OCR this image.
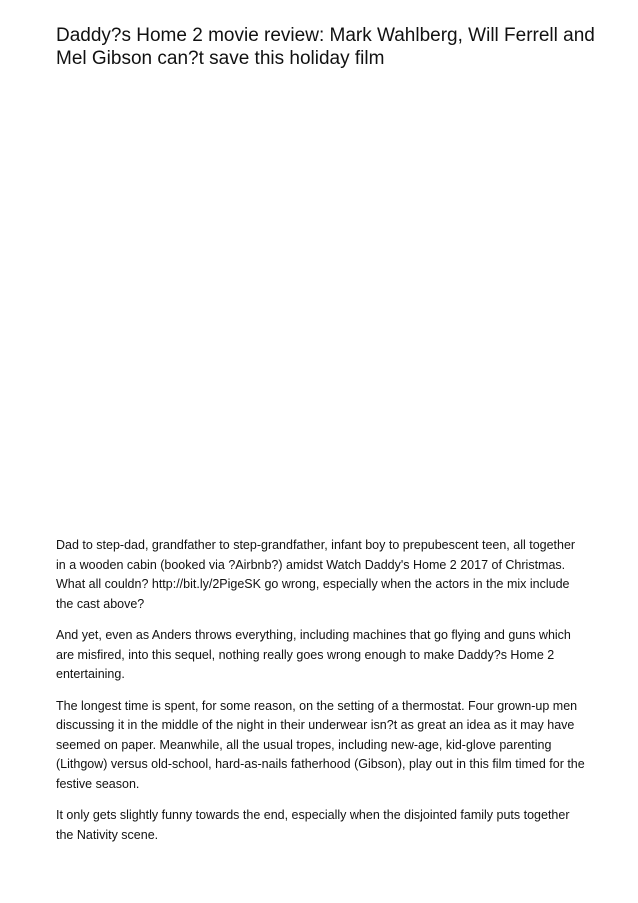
Daddy?s Home 2 movie review: Mark Wahlberg, Will Ferrell and Mel Gibson can?t save this holiday film

Dad to step-dad, grandfather to step-grandfather, infant boy to prepubescent teen, all together in a wooden cabin (booked via ?Airbnb?) amidst Watch Daddy's Home 2 2017 of Christmas. What all couldn? http://bit.ly/2PigeSK go wrong, especially when the actors in the mix include the cast above?

And yet, even as Anders throws everything, including machines that go flying and guns which are misfired, into this sequel, nothing really goes wrong enough to make Daddy?s Home 2 entertaining.

The longest time is spent, for some reason, on the setting of a thermostat. Four grown-up men discussing it in the middle of the night in their underwear isn?t as great an idea as it may have seemed on paper. Meanwhile, all the usual tropes, including new-age, kid-glove parenting (Lithgow) versus old-school, hard-as-nails fatherhood (Gibson), play out in this film timed for the festive season.

It only gets slightly funny towards the end, especially when the disjointed family puts together the Nativity scene.
